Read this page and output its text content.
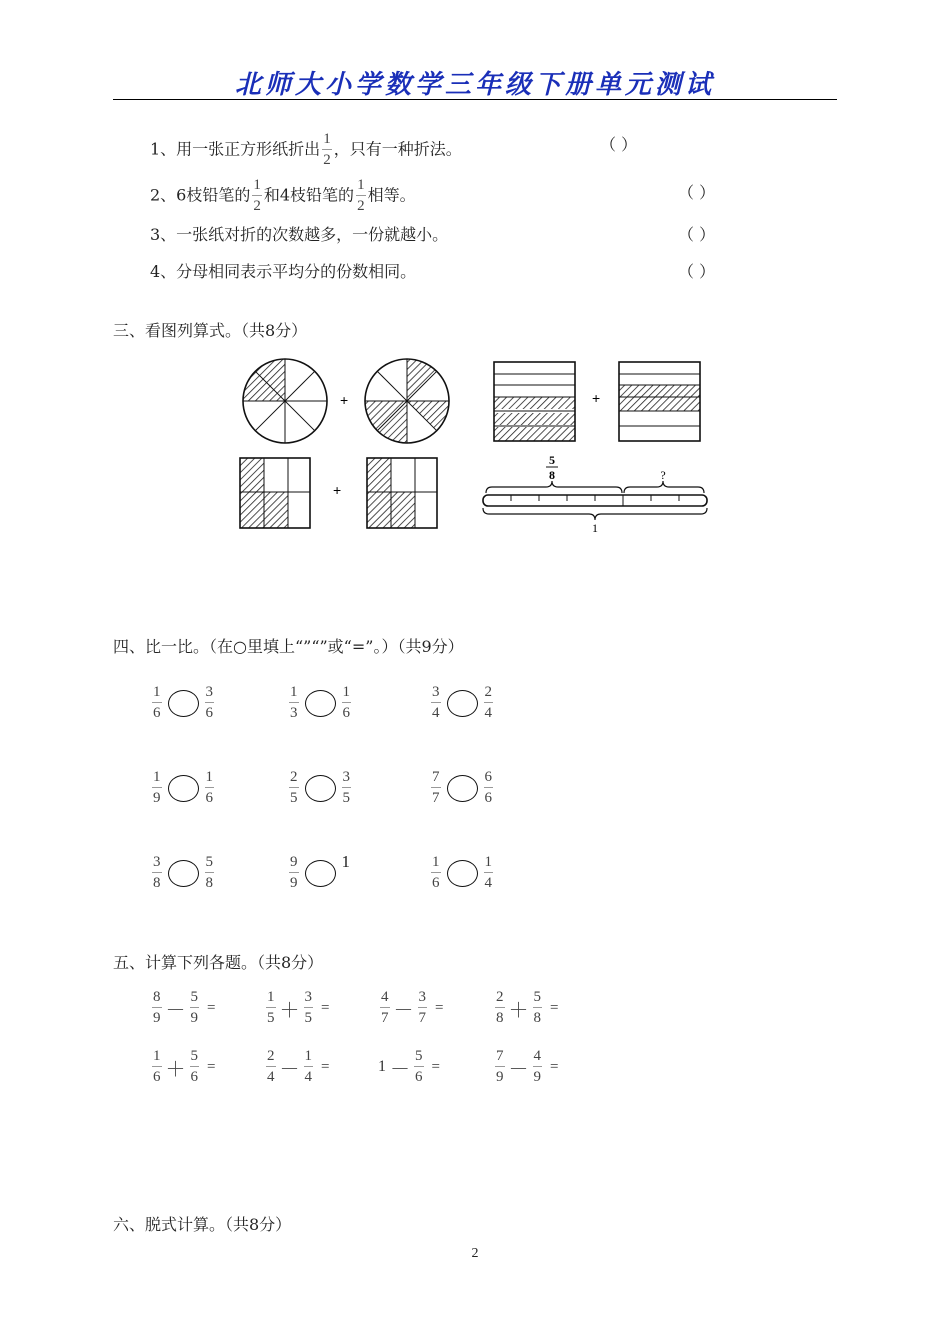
北师大小学数学三年级下册单元测试
1、用一张正方形纸折出 $\frac{1}{2}$ ，只有一种折法。	（ ）
2、6枝铅笔的 $\frac{1}{2}$ 和4枝铅笔的 $\frac{1}{2}$ 相等。	（ ）
3、一张纸对折的次数越多，一份就越小。	（ ）
4、分母相同表示平均分的份数相同。	（ ）
三、看图列算式。（共8分）
+	+
+
5
8	?
1
四、比一比。（在○里填上“”“”或“=”。）（共9分）
$\frac{1}{6}$	$\frac{3}{6}$	$\frac{1}{3}$	$\frac{1}{6}$	$\frac{3}{4}$	$\frac{2}{4}$
$\frac{1}{9}$	$\frac{1}{6}$	$\frac{2}{5}$	$\frac{3}{5}$	$\frac{7}{7}$	$\frac{6}{6}$
$\frac{3}{8}$	$\frac{5}{8}$	$\frac{9}{9}$	1	$\frac{1}{6}$	$\frac{1}{4}$
五、计算下列各题。（共8分）
$\frac{8}{9} - \frac{5}{9}$ =	$\frac{1}{5} + \frac{3}{5}$ =	$\frac{4}{7} - \frac{3}{7}$ =	$\frac{2}{8} + \frac{5}{8}$ =
$\frac{1}{6} + \frac{5}{6}$ =	$\frac{2}{4} - \frac{1}{4}$ =	$1 - \frac{5}{6}$ =	$\frac{7}{9} - \frac{4}{9}$ =
六、脱式计算。（共8分）
2
